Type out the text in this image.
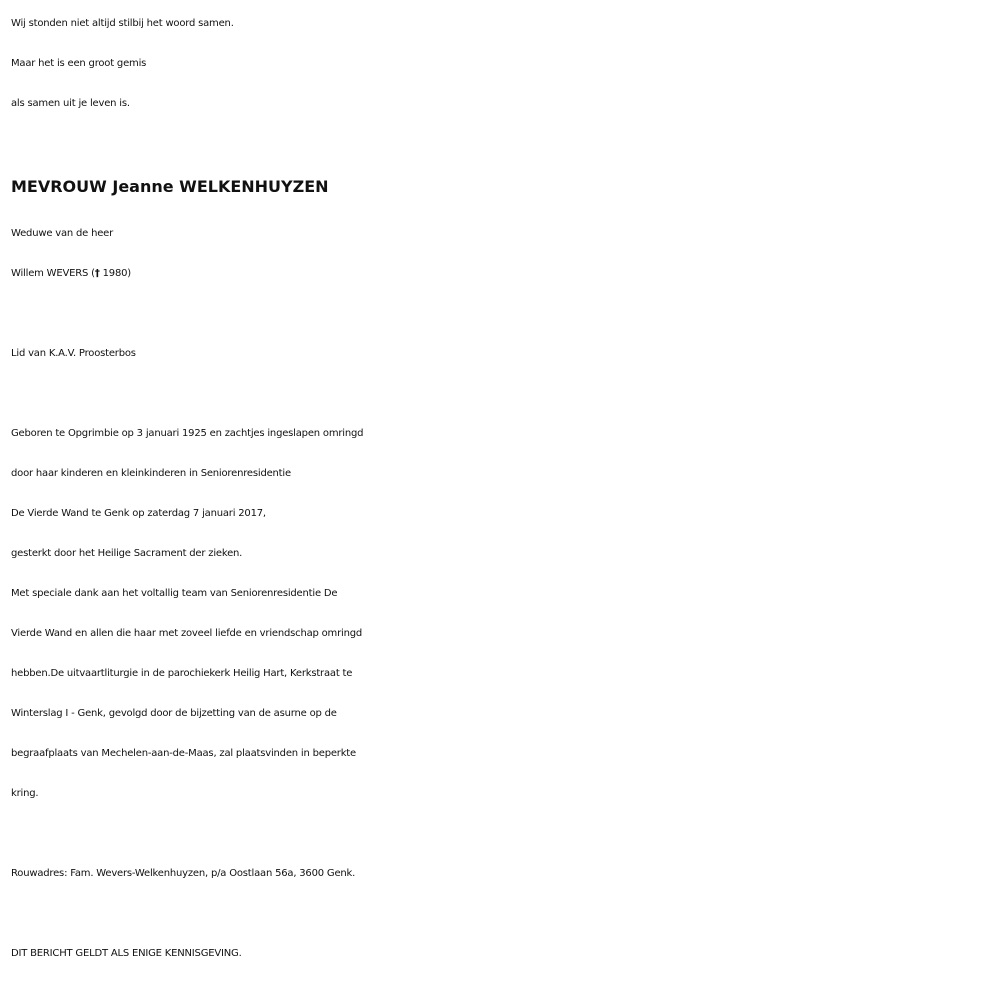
Wij stonden niet altijd stilbij het woord samen.
Maar het is een groot gemis
als samen uit je leven is.
MEVROUW Jeanne WELKENHUYZEN
Weduwe van de heer
Willem WEVERS († 1980)
Lid van K.A.V. Proosterbos
Geboren te Opgrimbie op 3 januari 1925 en zachtjes ingeslapen omringd
door haar kinderen en kleinkinderen in Seniorenresidentie
De Vierde Wand te Genk op zaterdag 7 januari 2017,
gesterkt door het Heilige Sacrament der zieken.
Met speciale dank aan het voltallig team van Seniorenresidentie De
Vierde Wand en allen die haar met zoveel liefde en vriendschap omringd
hebben.De uitvaartliturgie in de parochiekerk Heilig Hart, Kerkstraat te
Winterslag I - Genk, gevolgd door de bijzetting van de asurne op de
begraafplaats van Mechelen-aan-de-Maas, zal plaatsvinden in beperkte
kring.
Rouwadres: Fam. Wevers-Welkenhuyzen, p/a Oostlaan 56a, 3600 Genk.
DIT BERICHT GELDT ALS ENIGE KENNISGEVING.
